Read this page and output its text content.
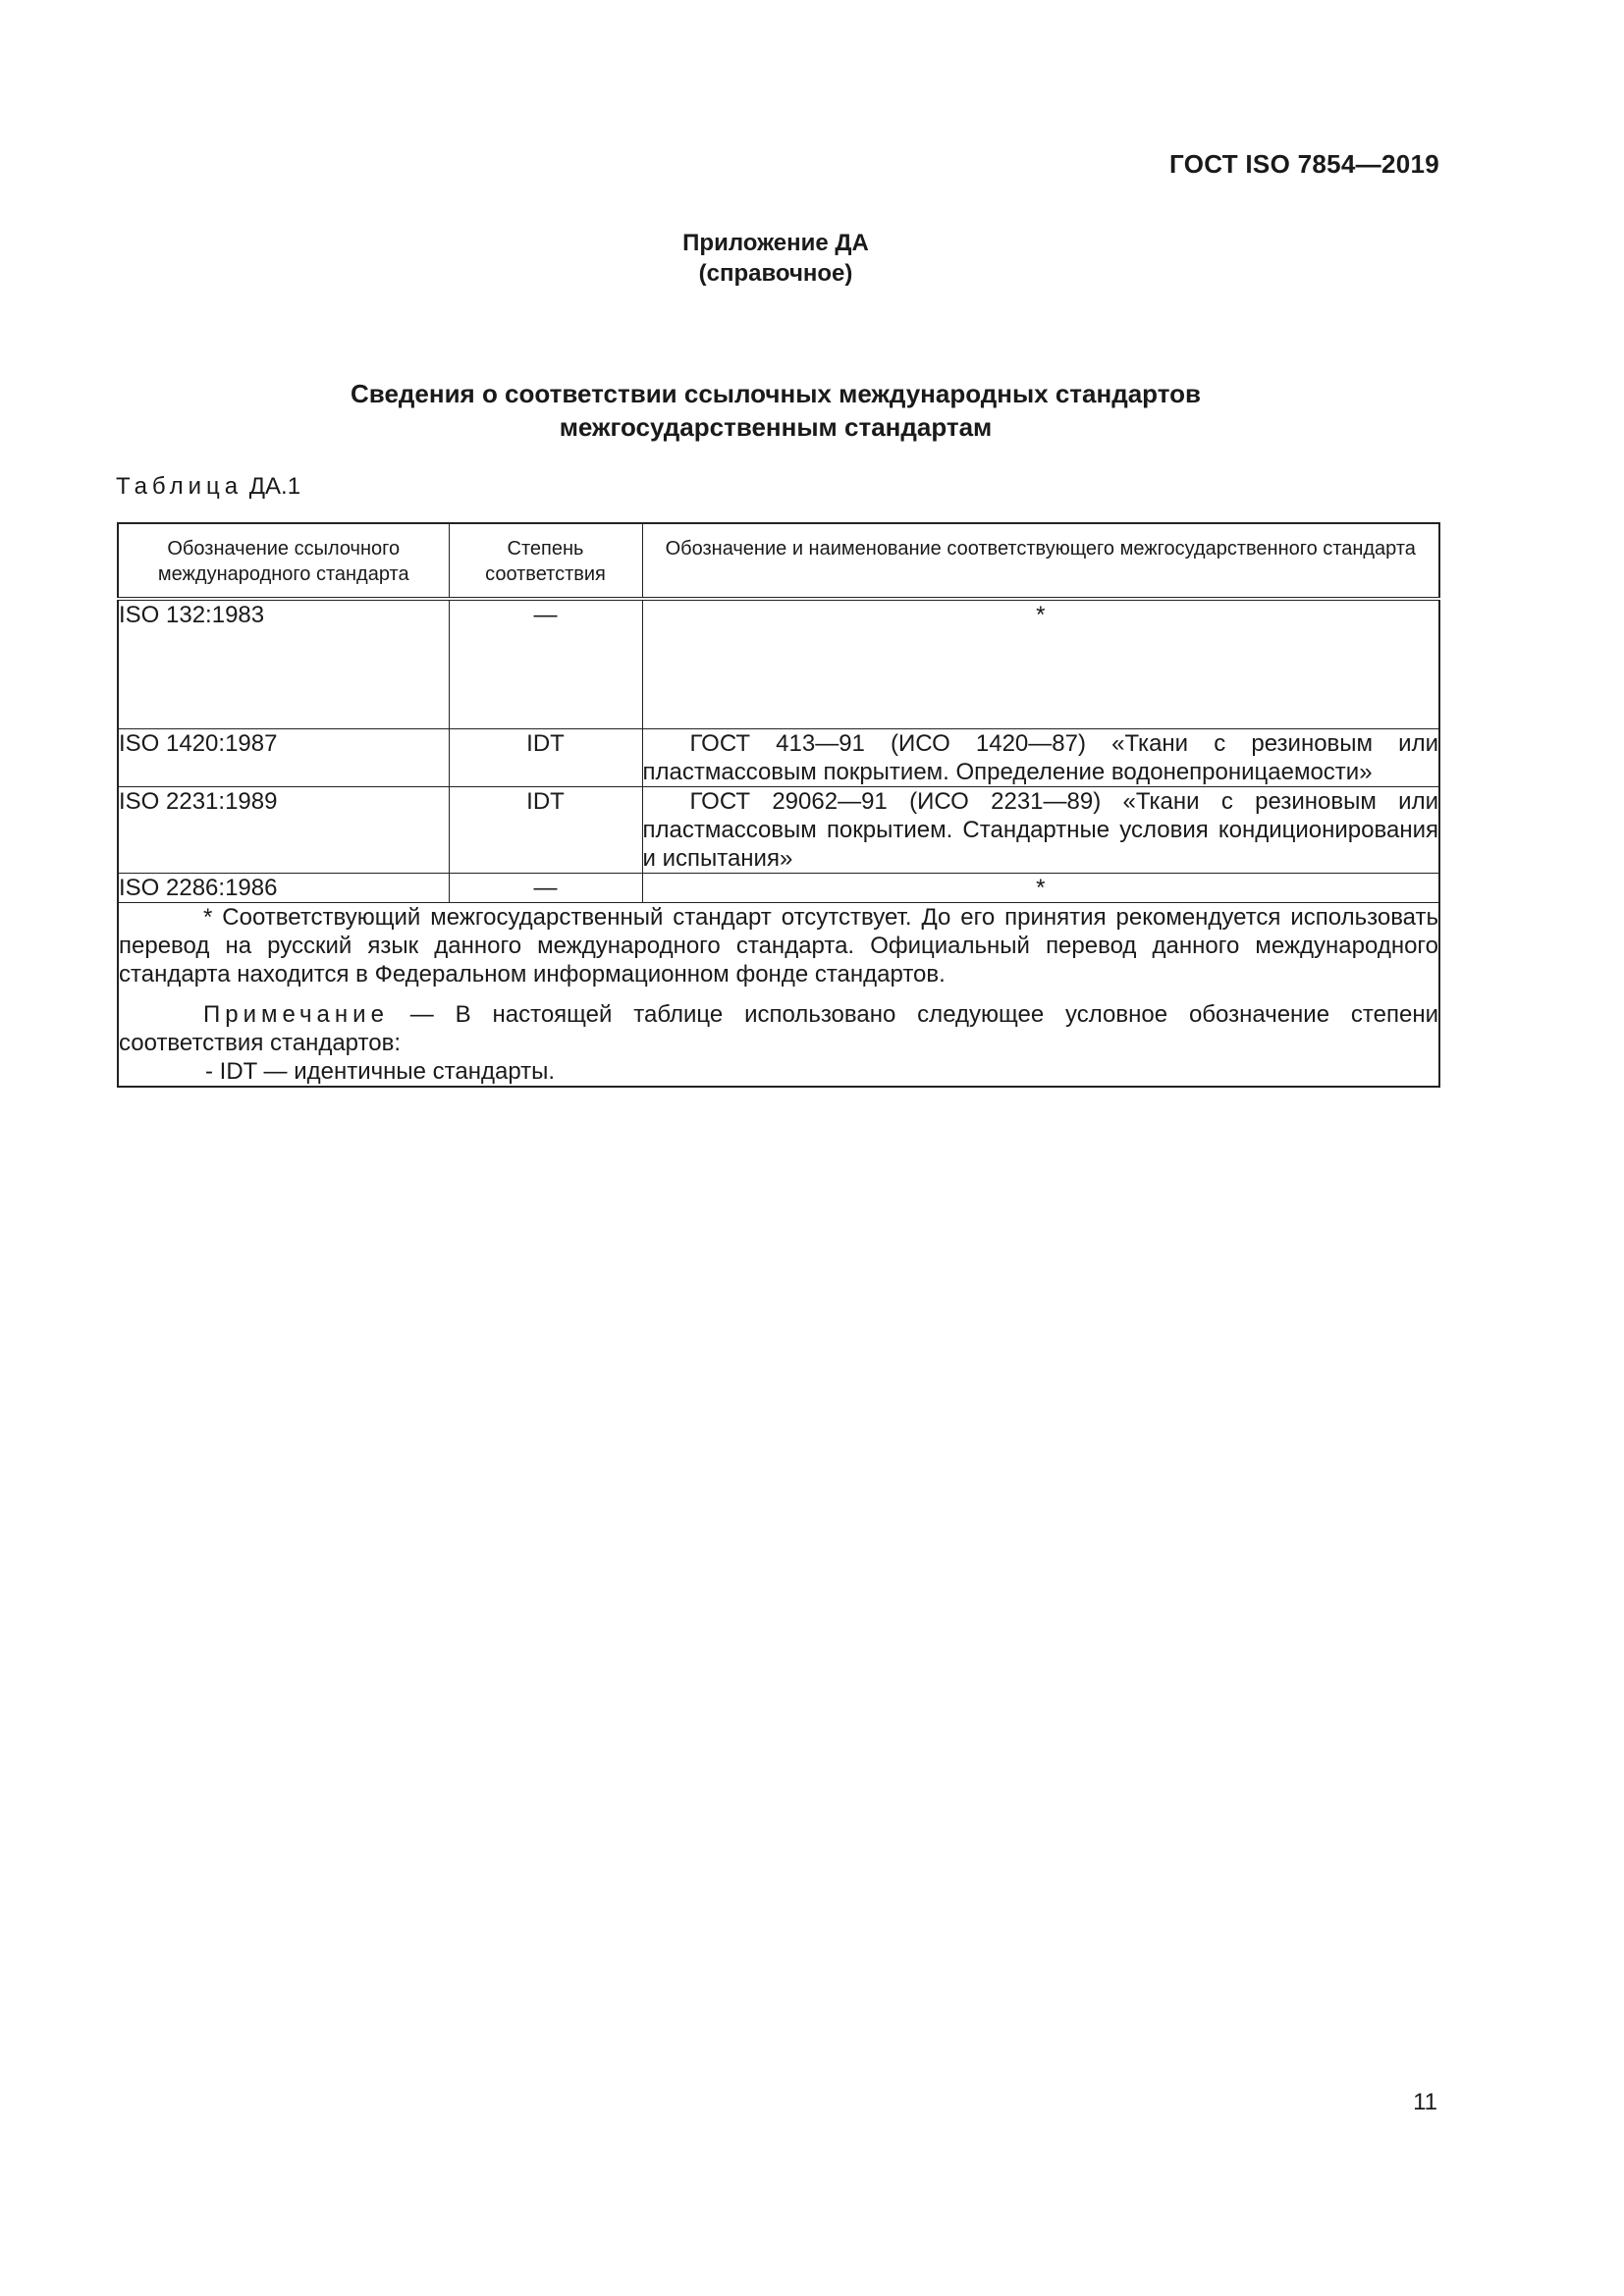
ГОСТ ISO 7854—2019
Приложение ДА
(справочное)
Сведения о соответствии ссылочных международных стандартов
межгосударственным стандартам
Таблица ДА.1
Обозначение ссылочного международного стандарта	Степень соответствия	Обозначение и наименование соответствующего межгосударственного стандарта
ISO 132:1983	—	*
ISO 1420:1987	IDT	ГОСТ 413—91 (ИСО 1420—87) «Ткани с резиновым или пластмассовым покрытием. Определение водонепроницаемости»
ISO 2231:1989	IDT	ГОСТ 29062—91 (ИСО 2231—89) «Ткани с резиновым или пластмассовым покрытием. Стандартные условия кондиционирования и испытания»
ISO 2286:1986	—	*

* Соответствующий межгосударственный стандарт отсутствует. До его принятия рекомендуется использовать перевод на русский язык данного международного стандарта. Официальный перевод данного международного стандарта находится в Федеральном информационном фонде стандартов.

Примечание — В настоящей таблице использовано следующее условное обозначение степени соответствия стандартов:

- IDT — идентичные стандарты.		

11
